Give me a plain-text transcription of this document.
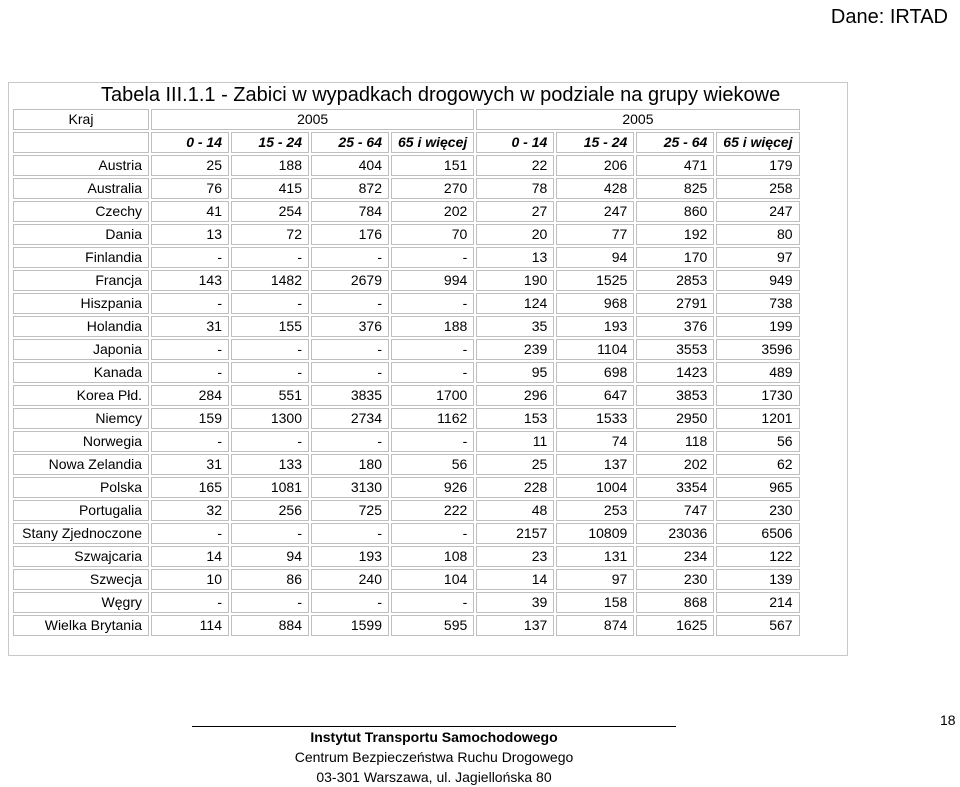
Dane: IRTAD
Tabela III.1.1 - Zabici w wypadkach drogowych w podziale na grupy wiekowe
Kraj	2005				2005			
	0 - 14	15 - 24	25 - 64	65 i więcej	0 - 14	15 - 24	25 - 64	65 i więcej
Austria	25	188	404	151	22	206	471	179
Australia	76	415	872	270	78	428	825	258
Czechy	41	254	784	202	27	247	860	247
Dania	13	72	176	70	20	77	192	80
Finlandia	-	-	-	-	13	94	170	97
Francja	143	1482	2679	994	190	1525	2853	949
Hiszpania	-	-	-	-	124	968	2791	738
Holandia	31	155	376	188	35	193	376	199
Japonia	-	-	-	-	239	1104	3553	3596
Kanada	-	-	-	-	95	698	1423	489
Korea Płd.	284	551	3835	1700	296	647	3853	1730
Niemcy	159	1300	2734	1162	153	1533	2950	1201
Norwegia	-	-	-	-	11	74	118	56
Nowa Zelandia	31	133	180	56	25	137	202	62
Polska	165	1081	3130	926	228	1004	3354	965
Portugalia	32	256	725	222	48	253	747	230
Stany Zjednoczone	-	-	-	-	2157	10809	23036	6506
Szwajcaria	14	94	193	108	23	131	234	122
Szwecja	10	86	240	104	14	97	230	139
Węgry	-	-	-	-	39	158	868	214
Wielka Brytania	114	884	1599	595	137	874	1625	567
Instytut Transportu Samochodowego
Centrum Bezpieczeństwa Ruchu Drogowego
03-301 Warszawa, ul. Jagiellońska 80
18
